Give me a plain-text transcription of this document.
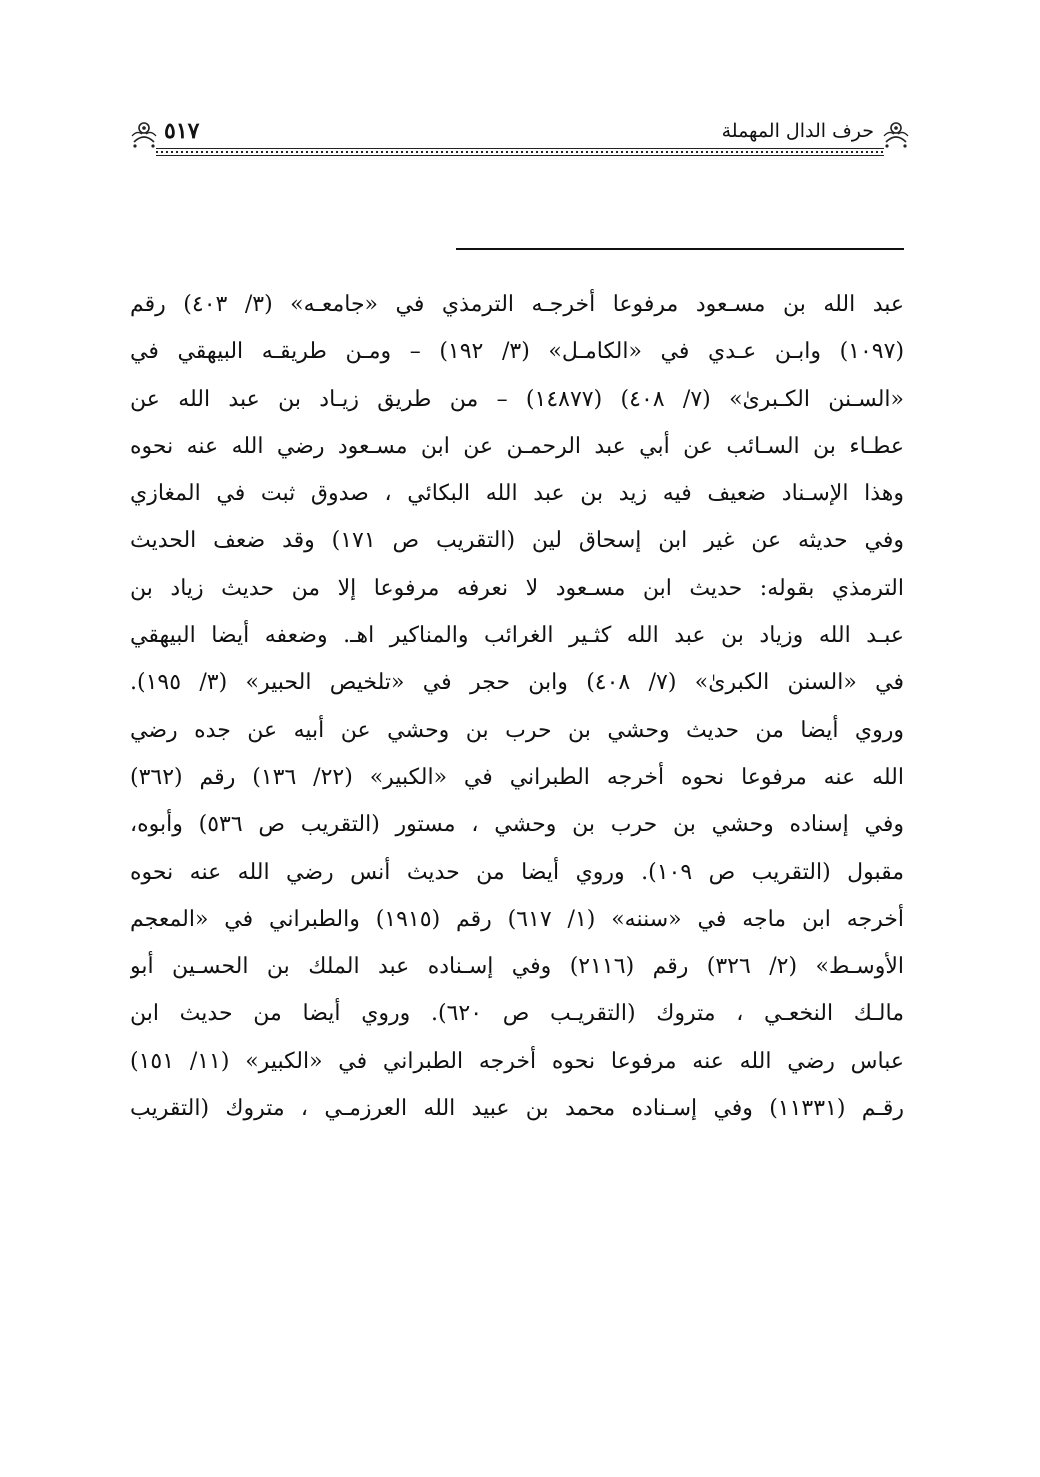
حرف الدال المهملة
٥١٧
عبد الله بن مسـعود مرفوعا أخرجـه الترمذي في «جامعـه» (٣/ ٤٠٣) رقم
(١٠٩٧) وابـن عـدي في «الكامـل» (٣/ ١٩٢) – ومـن طريقـه البيهقي في
«السـنن الكـبرىٰ» (٧/ ٤٠٨) (١٤٨٧٧) – من طريق زيـاد بن عبد الله عن
عطـاء بن السـائب عن أبي عبد الرحمـن عن ابن مسـعود رضي الله عنه نحوه
وهذا الإسـناد ضعيف فيه زيد بن عبد الله البكائي ، صدوق ثبت في المغازي
وفي حديثه عن غير ابن إسحاق لين (التقريب ص ١٧١) وقد ضعف الحديث
الترمذي بقوله: حديث ابن مسـعود لا نعرفه مرفوعا إلا من حديث زياد بن
عبـد الله وزياد بن عبد الله كثـير الغرائب والمناكير اهـ. وضعفه أيضا البيهقي
في «السنن الكبرىٰ» (٧/ ٤٠٨) وابن حجر في «تلخيص الحبير» (٣/ ١٩٥).
وروي أيضا من حديث وحشي بن حرب بن وحشي عن أبيه عن جده رضي
الله عنه مرفوعا نحوه أخرجه الطبراني في «الكبير» (٢٢/ ١٣٦) رقم (٣٦٢)
وفي إسناده وحشي بن حرب بن وحشي ، مستور (التقريب ص ٥٣٦) وأبوه،
مقبول (التقريب ص ١٠٩). وروي أيضا من حديث أنس رضي الله عنه نحوه
أخرجه ابن ماجه في «سننه» (١/ ٦١٧) رقم (١٩١٥) والطبراني في «المعجم
الأوسـط» (٢/ ٣٢٦) رقم (٢١١٦) وفي إسـناده عبد الملك بن الحسـين أبو
مالـك النخعـي ، متروك (التقريـب ص ٦٢٠). وروي أيضا من حديث ابن
عباس رضي الله عنه مرفوعا نحوه أخرجه الطبراني في «الكبير» (١١/ ١٥١)
رقـم (١١٣٣١) وفي إسـناده محمد بن عبيد الله العرزمـي ، متروك (التقريب
